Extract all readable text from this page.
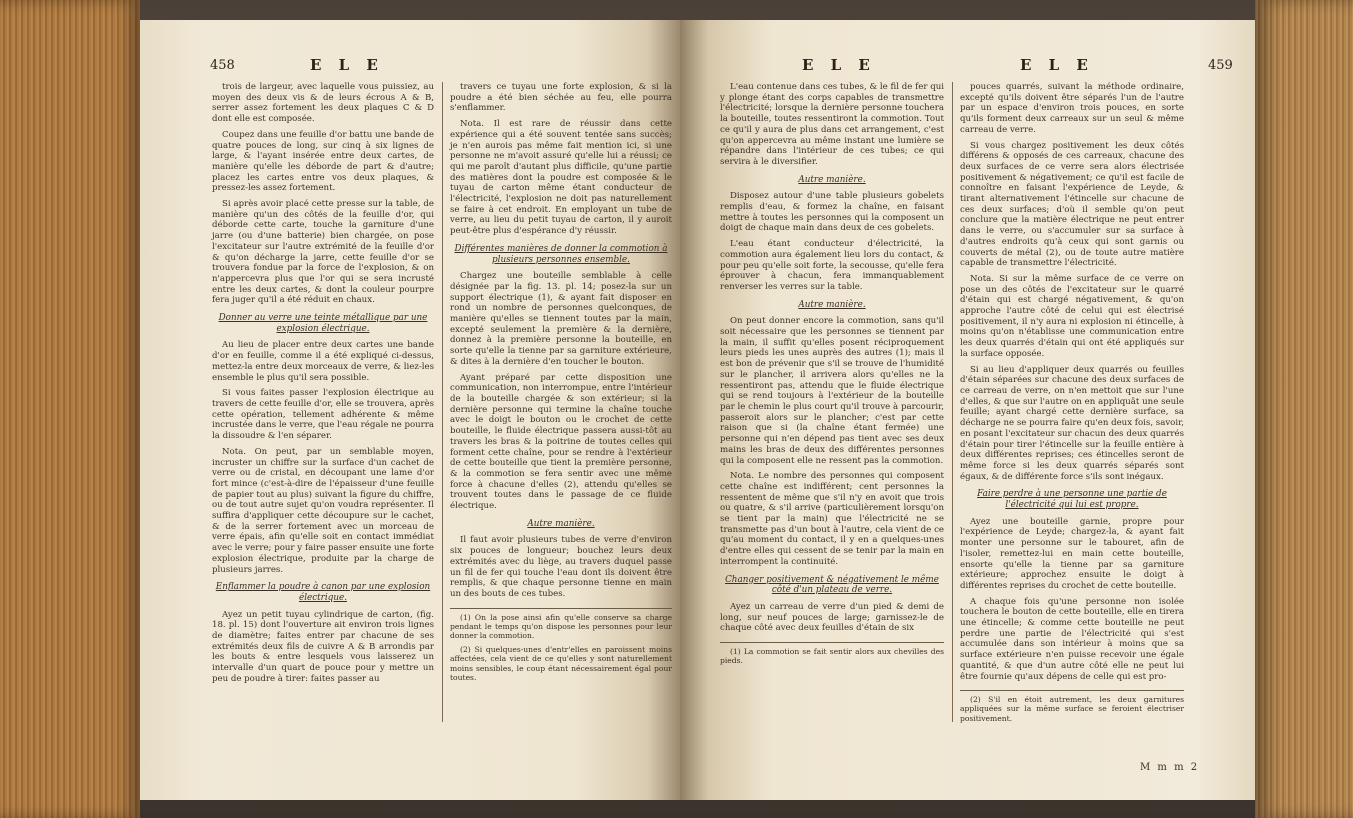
458	E L E

trois de largeur, avec laquelle vous puissiez, au moyen des deux vis & de leurs écrous A & B, serrer assez fortement les deux plaques C & D dont elle est composée.

Coupez dans une feuille d'or battu une bande de quatre pouces de long, sur cinq à six lignes de large, & l'ayant insérée entre deux cartes, de manière qu'elle les déborde de part & d'autre; placez les cartes entre vos deux plaques, & pressez-les assez fortement.

Si après avoir placé cette presse sur la table, de manière qu'un des côtés de la feuille d'or, qui déborde cette carte, touche la garniture d'une jarre (ou d'une batterie) bien chargée, on pose l'excitateur sur l'autre extrémité de la feuille d'or & qu'on décharge la jarre, cette feuille d'or se trouvera fondue par la force de l'explosion, & on n'appercevra plus que l'or qui se sera incrusté entre les deux cartes, & dont la couleur pourpre fera juger qu'il a été réduit en chaux.

Donner au verre une teinte métallique par une explosion électrique.

Au lieu de placer entre deux cartes une bande d'or en feuille, comme il a été expliqué ci-dessus, mettez-la entre deux morceaux de verre, & liez-les ensemble le plus qu'il sera possible.

Si vous faites passer l'explosion électrique au travers de cette feuille d'or, elle se trouvera, après cette opération, tellement adhérente & même incrustée dans le verre, que l'eau régale ne pourra la dissoudre & l'en séparer.

Nota. On peut, par un semblable moyen, incruster un chiffre sur la surface d'un cachet de verre ou de cristal, en découpant une lame d'or fort mince (c'est-à-dire de l'épaisseur d'une feuille de papier tout au plus) suivant la figure du chiffre, ou de tout autre sujet qu'on voudra représenter. Il suffira d'appliquer cette découpure sur le cachet, & de la serrer fortement avec un morceau de verre épais, afin qu'elle soit en contact immédiat avec le verre; pour y faire passer ensuite une forte explosion électrique, produite par la charge de plusieurs jarres.

Enflammer la poudre à canon par une explosion électrique.

Ayez un petit tuyau cylindrique de carton, (fig. 18. pl. 15) dont l'ouverture ait environ trois lignes de diamètre; faites entrer par chacune de ses extrémités deux fils de cuivre A & B arrondis par les bouts & entre lesquels vous laisserez un intervalle d'un quart de pouce pour y mettre un peu de poudre à tirer: faites passer au

travers ce tuyau une forte explosion, & si la poudre a été bien séchée au feu, elle pourra s'enflammer.

Nota. Il est rare de réussir dans cette expérience qui a été souvent tentée sans succès; je n'en aurois pas même fait mention ici, si une personne ne m'avoit assuré qu'elle lui a réussi; ce qui me paroît d'autant plus difficile, qu'une partie des matières dont la poudre est composée & le tuyau de carton même étant conducteur de l'électricité, l'explosion ne doit pas naturellement se faire à cet endroit. En employant un tube de verre, au lieu du petit tuyau de carton, il y auroit peut-être plus d'espérance d'y réussir.

Différentes manières de donner la commotion à plusieurs personnes ensemble.

Chargez une bouteille semblable à celle désignée par la fig. 13. pl. 14; posez-la sur un support électrique (1), & ayant fait disposer en rond un nombre de personnes quelconques, de manière qu'elles se tiennent toutes par la main, excepté seulement la première & la dernière, donnez à la première personne la bouteille, en sorte qu'elle la tienne par sa garniture extérieure, & dites à la dernière d'en toucher le bouton.

Ayant préparé par cette disposition une communication, non interrompue, entre l'intérieur de la bouteille chargée & son extérieur; si la dernière personne qui termine la chaîne touche avec le doigt le bouton ou le crochet de cette bouteille, le fluide électrique passera aussi-tôt au travers les bras & la poitrine de toutes celles qui forment cette chaîne, pour se rendre à l'extérieur de cette bouteille que tient la première personne, & la commotion se fera sentir avec une même force à chacune d'elles (2), attendu qu'elles se trouvent toutes dans le passage de ce fluide électrique.

Autre manière.

Il faut avoir plusieurs tubes de verre d'environ six pouces de longueur; bouchez leurs deux extrémités avec du liège, au travers duquel passe un fil de fer qui touche l'eau dont ils doivent être remplis, & que chaque personne tienne en main un des bouts de ces tubes.

(1) On la pose ainsi afin qu'elle conserve sa charge pendant le temps qu'on dispose les personnes pour leur donner la commotion.

(2) Si quelques-unes d'entr'elles en paroissent moins affectées, cela vient de ce qu'elles y sont naturellement moins sensibles, le coup étant nécessairement égal pour toutes.

E L E	E L E	459

L'eau contenue dans ces tubes, & le fil de fer qui y plonge étant des corps capables de transmettre l'électricité; lorsque la dernière personne touchera la bouteille, toutes ressentiront la commotion. Tout ce qu'il y aura de plus dans cet arrangement, c'est qu'on appercevra au même instant une lumière se répandre dans l'intérieur de ces tubes; ce qui servira à le diversifier.

Autre manière.

Disposez autour d'une table plusieurs gobelets remplis d'eau, & formez la chaîne, en faisant mettre à toutes les personnes qui la composent un doigt de chaque main dans deux de ces gobelets.

L'eau étant conducteur d'électricité, la commotion aura également lieu lors du contact, & pour peu qu'elle soit forte, la secousse, qu'elle fera éprouver à chacun, fera immanquablement renverser les verres sur la table.

Autre manière.

On peut donner encore la commotion, sans qu'il soit nécessaire que les personnes se tiennent par la main, il suffit qu'elles posent réciproquement leurs pieds les unes auprès des autres (1); mais il est bon de prévenir que s'il se trouve de l'humidité sur le plancher, il arrivera alors qu'elles ne la ressentiront pas, attendu que le fluide électrique qui se rend toujours à l'extérieur de la bouteille par le chemin le plus court qu'il trouve à parcourir, passeroit alors sur le plancher; c'est par cette raison que si (la chaîne étant fermée) une personne qui n'en dépend pas tient avec ses deux mains les bras de deux des différentes personnes qui la composent elle ne ressent pas la commotion.

Nota. Le nombre des personnes qui composent cette chaîne est indifférent; cent personnes la ressentent de même que s'il n'y en avoit que trois ou quatre, & s'il arrive (particulièrement lorsqu'on se tient par la main) que l'électricité ne se transmette pas d'un bout à l'autre, cela vient de ce qu'au moment du contact, il y en a quelques-unes d'entre elles qui cessent de se tenir par la main en interrompent la continuité.

Changer positivement & négativement le même côté d'un plateau de verre.

Ayez un carreau de verre d'un pied & demi de long, sur neuf pouces de large; garnissez-le de chaque côté avec deux feuilles d'étain de six

(1) La commotion se fait sentir alors aux chevilles des pieds.

pouces quarrés, suivant la méthode ordinaire, excepté qu'ils doivent être séparés l'un de l'autre par un espace d'environ trois pouces, en sorte qu'ils forment deux carreaux sur un seul & même carreau de verre.

Si vous chargez positivement les deux côtés différens & opposés de ces carreaux, chacune des deux surfaces de ce verre sera alors électrisée positivement & négativement; ce qu'il est facile de connoître en faisant l'expérience de Leyde, & tirant alternativement l'étincelle sur chacune de ces deux surfaces; d'où il semble qu'on peut conclure que la matière électrique ne peut entrer dans le verre, ou s'accumuler sur sa surface à d'autres endroits qu'à ceux qui sont garnis ou couverts de métal (2), ou de toute autre matière capable de transmettre l'électricité.

Nota. Si sur la même surface de ce verre on pose un des côtés de l'excitateur sur le quarré d'étain qui est chargé négativement, & qu'on approche l'autre côté de celui qui est électrisé positivement, il n'y aura ni explosion ni étincelle, à moins qu'on n'établisse une communication entre les deux quarrés d'étain qui ont été appliqués sur la surface opposée.

Si au lieu d'appliquer deux quarrés ou feuilles d'étain séparées sur chacune des deux surfaces de ce carreau de verre, on n'en mettoit que sur l'une d'elles, & que sur l'autre on en appliquât une seule feuille; ayant chargé cette dernière surface, sa décharge ne se pourra faire qu'en deux fois, savoir, en posant l'excitateur sur chacun des deux quarrés d'étain pour tirer l'étincelle sur la feuille entière à deux différentes reprises; ces étincelles seront de même force si les deux quarrés séparés sont égaux, & de différente force s'ils sont inégaux.

Faire perdre à une personne une partie de l'électricité qui lui est propre.

Ayez une bouteille garnie, propre pour l'expérience de Leyde; chargez-la, & ayant fait monter une personne sur le tabouret, afin de l'isoler, remettez-lui en main cette bouteille, ensorte qu'elle la tienne par sa garniture extérieure; approchez ensuite le doigt à différentes reprises du crochet de cette bouteille.

A chaque fois qu'une personne non isolée touchera le bouton de cette bouteille, elle en tirera une étincelle; & comme cette bouteille ne peut perdre une partie de l'électricité qui s'est accumulée dans son intérieur à moins que sa surface extérieure n'en puisse recevoir une égale quantité, & que d'un autre côté elle ne peut lui être fournie qu'aux dépens de celle qui est pro-

(2) S'il en étoit autrement, les deux garnitures appliquées sur la même surface se feroient électriser positivement.

M m m 2
